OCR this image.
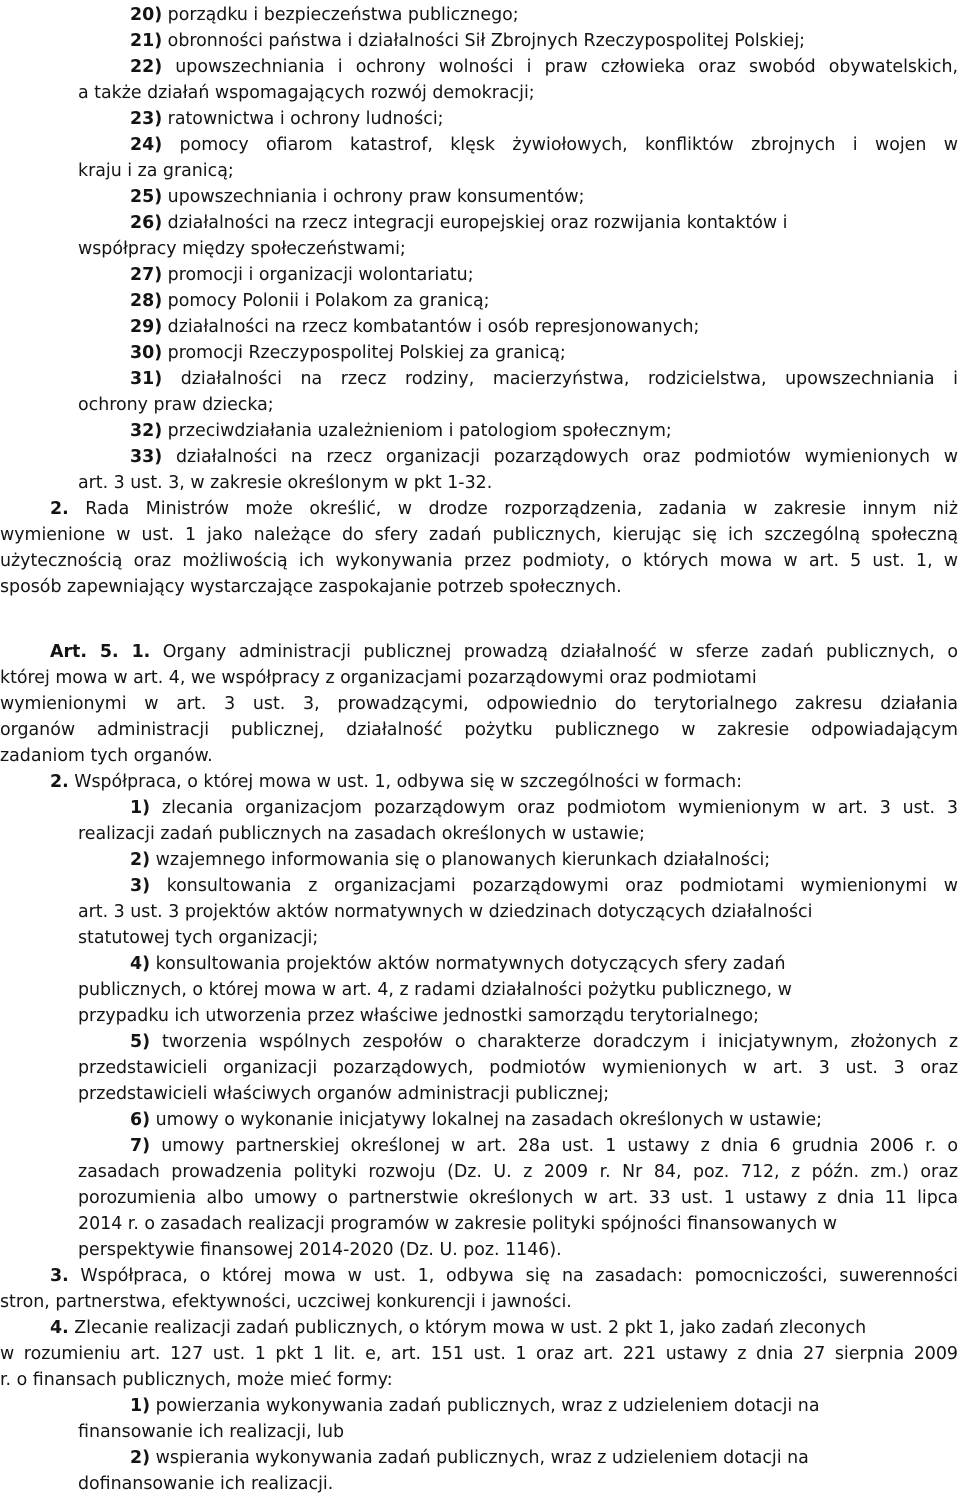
20) porządku i bezpieczeństwa publicznego;
21) obronności państwa i działalności Sił Zbrojnych Rzeczypospolitej Polskiej;
22) upowszechniania i ochrony wolności i praw człowieka oraz swobód obywatelskich,
a także działań wspomagających rozwój demokracji;
23) ratownictwa i ochrony ludności;
24) pomocy ofiarom katastrof, klęsk żywiołowych, konfliktów zbrojnych i wojen w
kraju i za granicą;
25) upowszechniania i ochrony praw konsumentów;
26) działalności na rzecz integracji europejskiej oraz rozwijania kontaktów i
współpracy między społeczeństwami;
27) promocji i organizacji wolontariatu;
28) pomocy Polonii i Polakom za granicą;
29) działalności na rzecz kombatantów i osób represjonowanych;
30) promocji Rzeczypospolitej Polskiej za granicą;
31) działalności na rzecz rodziny, macierzyństwa, rodzicielstwa, upowszechniania i
ochrony praw dziecka;
32) przeciwdziałania uzależnieniom i patologiom społecznym;
33) działalności na rzecz organizacji pozarządowych oraz podmiotów wymienionych w
art. 3 ust. 3, w zakresie określonym w pkt 1-32.
2. Rada Ministrów może określić, w drodze rozporządzenia, zadania w zakresie innym niż
wymienione w ust. 1 jako należące do sfery zadań publicznych, kierując się ich szczególną społeczną
użytecznością oraz możliwością ich wykonywania przez podmioty, o których mowa w art. 5 ust. 1, w
sposób zapewniający wystarczające zaspokajanie potrzeb społecznych.
Art. 5. 1. Organy administracji publicznej prowadzą działalność w sferze zadań publicznych, o
której mowa w art. 4, we współpracy z organizacjami pozarządowymi oraz podmiotami
wymienionymi w art. 3 ust. 3, prowadzącymi, odpowiednio do terytorialnego zakresu działania
organów administracji publicznej, działalność pożytku publicznego w zakresie odpowiadającym
zadaniom tych organów.
2. Współpraca, o której mowa w ust. 1, odbywa się w szczególności w formach:
1) zlecania organizacjom pozarządowym oraz podmiotom wymienionym w art. 3 ust. 3
realizacji zadań publicznych na zasadach określonych w ustawie;
2) wzajemnego informowania się o planowanych kierunkach działalności;
3) konsultowania z organizacjami pozarządowymi oraz podmiotami wymienionymi w
art. 3 ust. 3 projektów aktów normatywnych w dziedzinach dotyczących działalności
statutowej tych organizacji;
4) konsultowania projektów aktów normatywnych dotyczących sfery zadań
publicznych, o której mowa w art. 4, z radami działalności pożytku publicznego, w
przypadku ich utworzenia przez właściwe jednostki samorządu terytorialnego;
5) tworzenia wspólnych zespołów o charakterze doradczym i inicjatywnym, złożonych z
przedstawicieli organizacji pozarządowych, podmiotów wymienionych w art. 3 ust. 3 oraz
przedstawicieli właściwych organów administracji publicznej;
6) umowy o wykonanie inicjatywy lokalnej na zasadach określonych w ustawie;
7) umowy partnerskiej określonej w art. 28a ust. 1 ustawy z dnia 6 grudnia 2006 r. o
zasadach prowadzenia polityki rozwoju (Dz. U. z 2009 r. Nr 84, poz. 712, z późn. zm.) oraz
porozumienia albo umowy o partnerstwie określonych w art. 33 ust. 1 ustawy z dnia 11 lipca
2014 r. o zasadach realizacji programów w zakresie polityki spójności finansowanych w
perspektywie finansowej 2014-2020 (Dz. U. poz. 1146).
3. Współpraca, o której mowa w ust. 1, odbywa się na zasadach: pomocniczości, suwerenności
stron, partnerstwa, efektywności, uczciwej konkurencji i jawności.
4. Zlecanie realizacji zadań publicznych, o którym mowa w ust. 2 pkt 1, jako zadań zleconych
w rozumieniu art. 127 ust. 1 pkt 1 lit. e, art. 151 ust. 1 oraz art. 221 ustawy z dnia 27 sierpnia 2009
r. o finansach publicznych, może mieć formy:
1) powierzania wykonywania zadań publicznych, wraz z udzieleniem dotacji na
finansowanie ich realizacji, lub
2) wspierania wykonywania zadań publicznych, wraz z udzieleniem dotacji na
dofinansowanie ich realizacji.
